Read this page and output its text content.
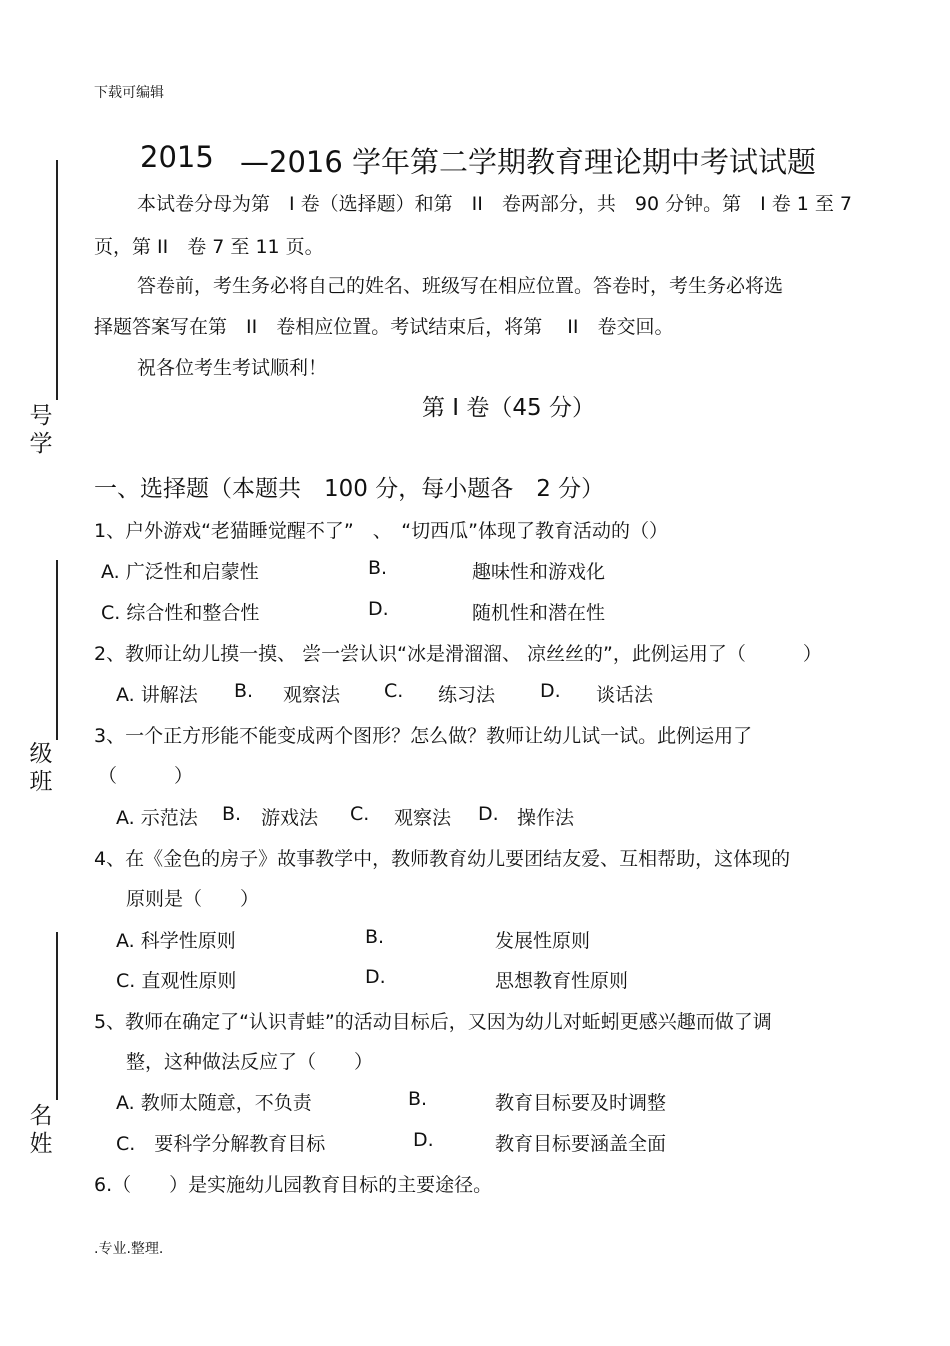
下载可编辑
.专业.整理.
号学
级班
名姓
2015 —2016 学年第二学期教育理论期中考试试题
本试卷分母为第　I 卷（选择题）和第　II　卷两部分，共　90 分钟。第　I 卷 1 至 7
页，第 II　卷 7 至 11 页。
答卷前，考生务必将自己的姓名、班级写在相应位置。答卷时，考生务必将选
择题答案写在第　II　卷相应位置。考试结束后，将第　 II　卷交回。
祝各位考生考试顺利！
第 I 卷（45 分）
一、选择题（本题共　100 分，每小题各　2 分）
1、户外游戏“老猫睡觉醒不了”　、　“切西瓜”体现了教育活动的（）
A. 广泛性和启蒙性	B.	趣味性和游戏化
C. 综合性和整合性	D.	随机性和潜在性
2、教师让幼儿摸一摸、 尝一尝认识“冰是滑溜溜、 凉丝丝的”，此例运用了（　　　）
A. 讲解法 B. 观察法 C. 练习法 D. 谈话法
3、一个正方形能不能变成两个图形？怎么做？教师让幼儿试一试。此例运用了
（　　　）
A. 示范法 B. 游戏法 C. 观察法 D. 操作法
4、在《金色的房子》故事教学中，教师教育幼儿要团结友爱、互相帮助，这体现的
原则是（　　）
A. 科学性原则	B.	发展性原则
C. 直观性原则	D.	思想教育性原则
5、教师在确定了“认识青蛙”的活动目标后，又因为幼儿对蚯蚓更感兴趣而做了调
整，这种做法反应了（　　）
A. 教师太随意，不负责	B.	教育目标要及时调整
C.　要科学分解教育目标	D.	教育目标要涵盖全面
6.（　　）是实施幼儿园教育目标的主要途径。
